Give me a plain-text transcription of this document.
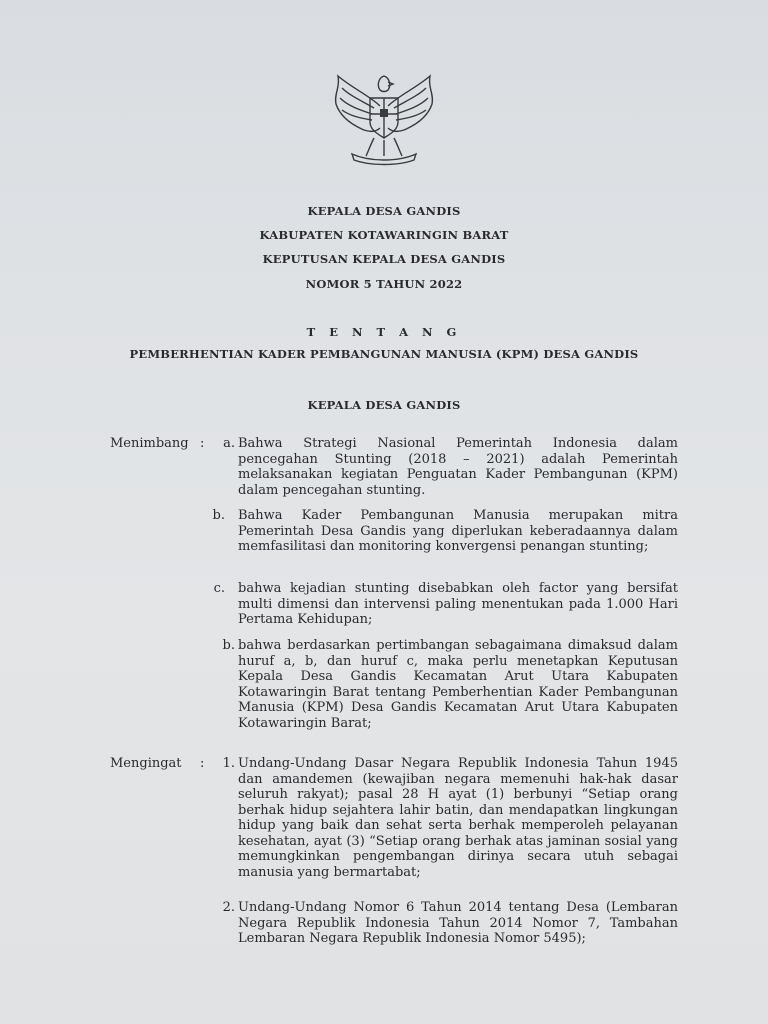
KEPALA DESA GANDIS
KABUPATEN KOTAWARINGIN BARAT
KEPUTUSAN KEPALA DESA GANDIS
NOMOR 5 TAHUN 2022
T E N T A N G
PEMBERHENTIAN KADER PEMBANGUNAN MANUSIA (KPM) DESA GANDIS
KEPALA DESA GANDIS
Menimbang :	a. Bahwa Strategi Nasional Pemerintah Indonesia dalam pencegahan Stunting (2018 – 2021) adalah Pemerintah melaksanakan kegiatan Penguatan Kader Pembangunan (KPM) dalam pencegahan stunting.
b. Bahwa Kader Pembangunan Manusia merupakan mitra Pemerintah Desa Gandis yang diperlukan keberadaannya dalam memfasilitasi dan monitoring konvergensi penangan stunting;
c. bahwa kejadian stunting disebabkan oleh factor yang bersifat multi dimensi dan intervensi paling menentukan pada 1.000 Hari Pertama Kehidupan;
b. bahwa berdasarkan pertimbangan sebagaimana dimaksud dalam huruf a, b, dan huruf c, maka perlu menetapkan Keputusan Kepala Desa Gandis Kecamatan Arut Utara Kabupaten Kotawaringin Barat tentang Pemberhentian Kader Pembangunan Manusia (KPM) Desa Gandis Kecamatan Arut Utara Kabupaten Kotawaringin Barat;
Mengingat :	1. Undang-Undang Dasar Negara Republik Indonesia Tahun 1945 dan amandemen (kewajiban negara memenuhi hak-hak dasar seluruh rakyat); pasal 28 H ayat (1) berbunyi “Setiap orang berhak hidup sejahtera lahir batin, dan mendapatkan lingkungan hidup yang baik dan sehat serta berhak memperoleh pelayanan kesehatan, ayat (3) “Setiap orang berhak atas jaminan sosial yang memungkinkan pengembangan dirinya secara utuh sebagai manusia yang bermartabat;
2. Undang-Undang Nomor 6 Tahun 2014 tentang Desa (Lembaran Negara Republik Indonesia Tahun 2014 Nomor 7, Tambahan Lembaran Negara Republik Indonesia Nomor 5495);
